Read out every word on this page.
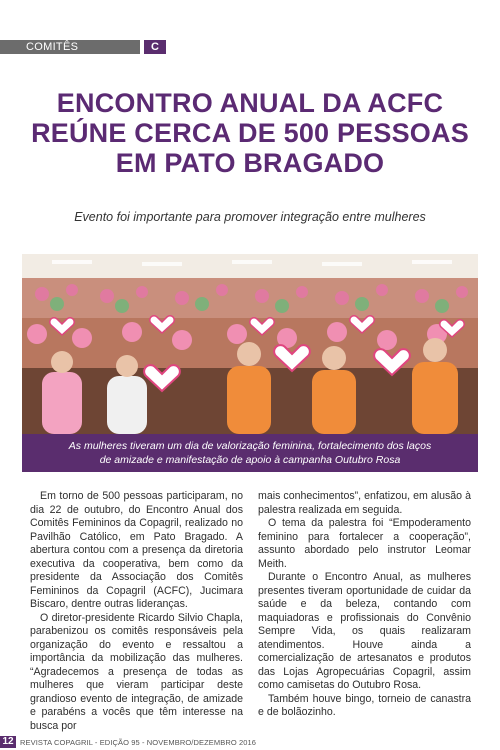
COMITÊS FEMININOS
C
ENCONTRO ANUAL DA ACFC
REÚNE CERCA DE 500 PESSOAS
EM PATO BRAGADO
Evento foi importante para promover integração entre mulheres
As mulheres tiveram um dia de valorização feminina, fortalecimento dos laços
de amizade e manifestação de apoio à campanha Outubro Rosa

Em torno de 500 pessoas participaram, no dia 22 de outubro, do Encontro Anual dos Comitês Femininos da Copagril, realizado no Pavilhão Católico, em Pato Bragado. A abertura contou com a presença da diretoria executiva da cooperativa, bem como da presidente da Associação dos Comitês Femininos da Copagril (ACFC), Jucimara Biscaro, dentre outras lideranças.

O diretor-presidente Ricardo Silvio Chapla, parabenizou os comitês responsáveis pela organização do evento e ressaltou a importância da mobilização das mulheres. “Agradecemos a presença de todas as mulheres que vieram participar deste grandioso evento de integração, de amizade e parabéns a vocês que têm interesse na busca por

mais conhecimentos”, enfatizou, em alusão à palestra realizada em seguida.

O tema da palestra foi “Empoderamento feminino para fortalecer a cooperação”, assunto abordado pelo instrutor Leomar Meith.

Durante o Encontro Anual, as mulheres presentes tiveram oportunidade de cuidar da saúde e da beleza, contando com maquiadoras e profissionais do Convênio Sempre Vida, os quais realizaram atendimentos. Houve ainda a comercialização de artesanatos e produtos das Lojas Agropecuárias Copagril, assim como camisetas do Outubro Rosa.

Também houve bingo, torneio de canastra e de bolãozinho.

12 REVISTA COPAGRIL - EDIÇÃO 95 - NOVEMBRO/DEZEMBRO 2016
